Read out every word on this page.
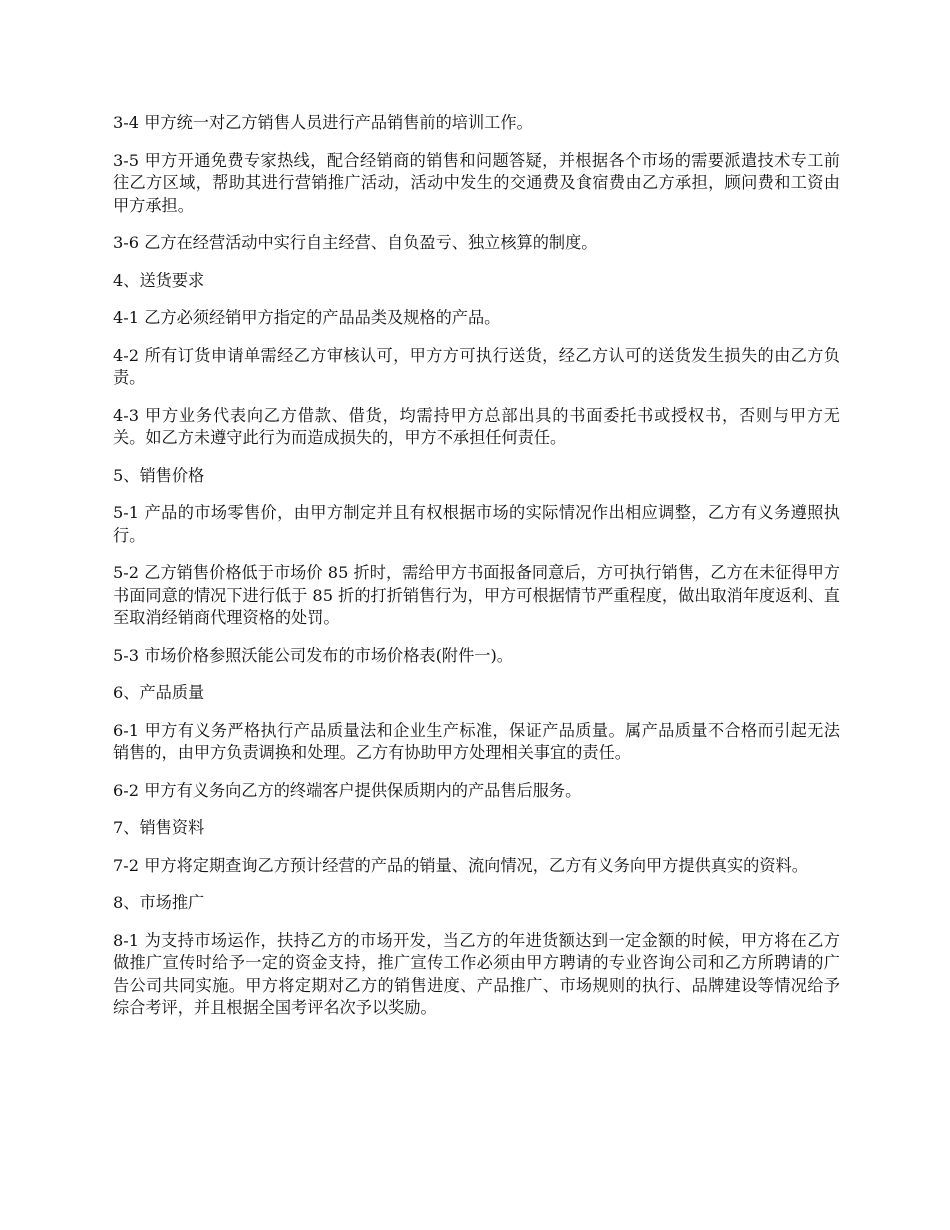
3-4 甲方统一对乙方销售人员进行产品销售前的培训工作。

3-5 甲方开通免费专家热线，配合经销商的销售和问题答疑，并根据各个市场的需要派遣技术专工前往乙方区域，帮助其进行营销推广活动，活动中发生的交通费及食宿费由乙方承担，顾问费和工资由甲方承担。

3-6 乙方在经营活动中实行自主经营、自负盈亏、独立核算的制度。

4、送货要求

4-1 乙方必须经销甲方指定的产品品类及规格的产品。

4-2 所有订货申请单需经乙方审核认可，甲方方可执行送货，经乙方认可的送货发生损失的由乙方负责。

4-3 甲方业务代表向乙方借款、借货，均需持甲方总部出具的书面委托书或授权书，否则与甲方无关。如乙方未遵守此行为而造成损失的，甲方不承担任何责任。

5、销售价格

5-1 产品的市场零售价，由甲方制定并且有权根据市场的实际情况作出相应调整，乙方有义务遵照执行。

5-2 乙方销售价格低于市场价 85 折时，需给甲方书面报备同意后，方可执行销售，乙方在未征得甲方书面同意的情况下进行低于 85 折的打折销售行为，甲方可根据情节严重程度，做出取消年度返利、直至取消经销商代理资格的处罚。

5-3 市场价格参照沃能公司发布的市场价格表(附件一)。

6、产品质量

6-1 甲方有义务严格执行产品质量法和企业生产标准，保证产品质量。属产品质量不合格而引起无法销售的，由甲方负责调换和处理。乙方有协助甲方处理相关事宜的责任。

6-2 甲方有义务向乙方的终端客户提供保质期内的产品售后服务。

7、销售资料

7-2 甲方将定期查询乙方预计经营的产品的销量、流向情况，乙方有义务向甲方提供真实的资料。

8、市场推广

8-1 为支持市场运作，扶持乙方的市场开发，当乙方的年进货额达到一定金额的时候，甲方将在乙方做推广宣传时给予一定的资金支持，推广宣传工作必须由甲方聘请的专业咨询公司和乙方所聘请的广告公司共同实施。甲方将定期对乙方的销售进度、产品推广、市场规则的执行、品牌建设等情况给予综合考评，并且根据全国考评名次予以奖励。
